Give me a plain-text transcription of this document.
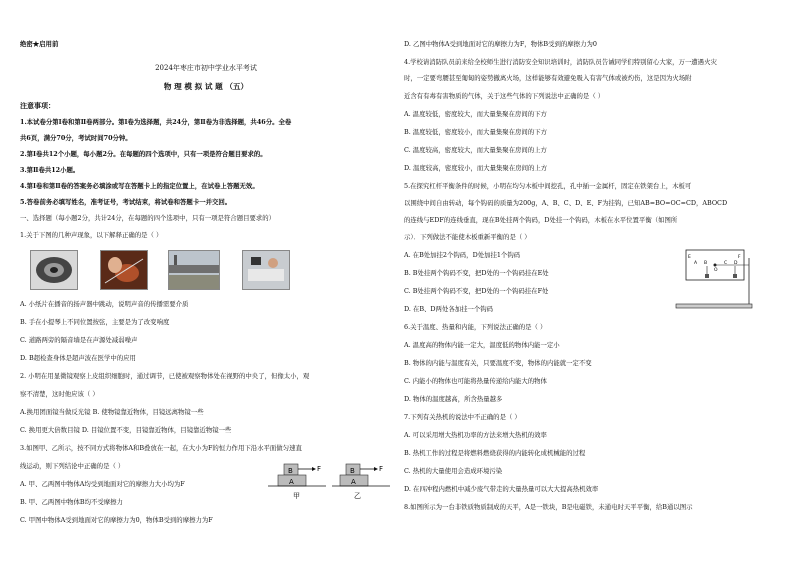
绝密★启用前
2024年枣庄市初中学业水平考试
物 理 模 拟 试 题 （五）
注意事项：
1.本试卷分第Ⅰ卷和第Ⅱ卷两部分。第Ⅰ卷为选择题，共24分，第Ⅱ卷为非选择题，共46分。全卷
共6页，满分70分，考试时间70分钟。
2.第Ⅰ卷共12个小题，每小题2分。在每题的四个选项中，只有一项是符合题目要求的。
3.第Ⅱ卷共12小题。
4.第Ⅰ卷和第Ⅱ卷的答案务必填涂或写在答题卡上的指定位置上，在试卷上答题无效。
5.答卷前务必填写姓名，准考证号，考试结束，将试卷和答题卡一并交回。
一、选择题（每小题2分，共计24分，在每题的四个选项中，只有一项是符合题目要求的）
1.关于下图的几种声现象，以下解释正确的是（ ）
A. 小纸片在播音的扬声器中跳动，说明声音的传播需要介质
B. 手在小提琴上不同位置按弦，主要是为了改变响度
C. 道路两旁的隔音墙是在声源处减弱噪声
D. B超检查身体是超声波在医学中的应用
2. 小明在用显微镜观察上皮组织细胞时，通过调节，已使被观察物体处在视野的中央了，但像太小，观
察不清楚，这时他应该（ ）
A.换用团面镜当做反光镜 B. 使物镜靠近物体，目镜远离物镜一些
C. 换用更大倍数目镜 D. 目镜位置不变，目镜靠近物体，目镜靠近物镜一些
3.如图甲、乙所示，按不同方式将物体A和B叠放在一起，在大小为F的恒力作用下沿水平面做匀速直
线运动，则下列结论中正确的是（ ）
A. 甲、乙两图中物体A均受到地面对它的摩擦力大小均为F
B. 甲、乙两图中物体B均不受摩擦力
C. 甲图中物体A受到地面对它的摩擦力为0，物体B受到的摩擦力为F
B
A
F
甲
B
A
F
乙
D. 乙图中物体A受到地面对它的摩擦力为F，物体B受到的摩擦力为0
4.学校请消防队员前来给全校师生进行消防安全知识培训时，消防队员告诫同学们特别留心大家，万一遭遇火灾
时，一定要弯腰甚至匍匐的姿势撤离火场，这样能够有效避免吸入有害气体或被灼伤，这是因为火场附
近含有有毒有害物质的气体，关于这些气体的下列说法中正确的是（ ）
A. 温度较低，密度较大，而大量集聚在房间的下方
B. 温度较低，密度较小，而大量集聚在房间的下方
C. 温度较高，密度较大，而大量集聚在房间的上方
D. 温度较高，密度较小，而大量集聚在房间的上方
5.在探究杠杆平衡条件的时候，小明在均匀木板中间挖孔，孔中插一金属杆，固定在铁架台上，木板可
以围绕中间自由转动，每个钩码的质量为200g，A、B、C、D、E、F为挂钩，已知AB=BO=OC=CD，ABOCD
的连线与EDF的连线垂直，现在B处挂两个钩码，D处挂一个钩码，木板在水平位置平衡（如图所
示）．下列做法不能使木板重新平衡的是（ ）
A. 在B处加挂2个钩码，D处加挂1个钩码
B. B处挂两个钩码不变，把D处的一个钩码挂在E处
C. B处挂两个钩码不变，把D处的一个钩码挂在F处
D. 在B、D两处各加挂一个钩码
E
A B
O
C D
F
6.关于温度、热量和内能，下列说法正确的是（ ）
A. 温度高的物体内能一定大，温度低的物体内能一定小
B. 物体的内能与温度有关，只要温度不变，物体的内能就一定不变
C. 内能小的物体也可能将热量传递给内能大的物体
D. 物体的温度越高，所含热量越多
7.下列有关热机的说法中不正确的是（ ）
A. 可以采用增大热机功率的方法来增大热机的效率
B. 热机工作的过程是将燃料燃烧获得的内能转化成机械能的过程
C. 热机的大量使用会造成环境污染
D. 在四冲程内燃机中减少废气带走的大量热量可以大大提高热机效率
8.如图所示为一台非铁质物质制成的天平，A是一铁块，B是电磁铁，未通电时天平平衡，给B通以图示
